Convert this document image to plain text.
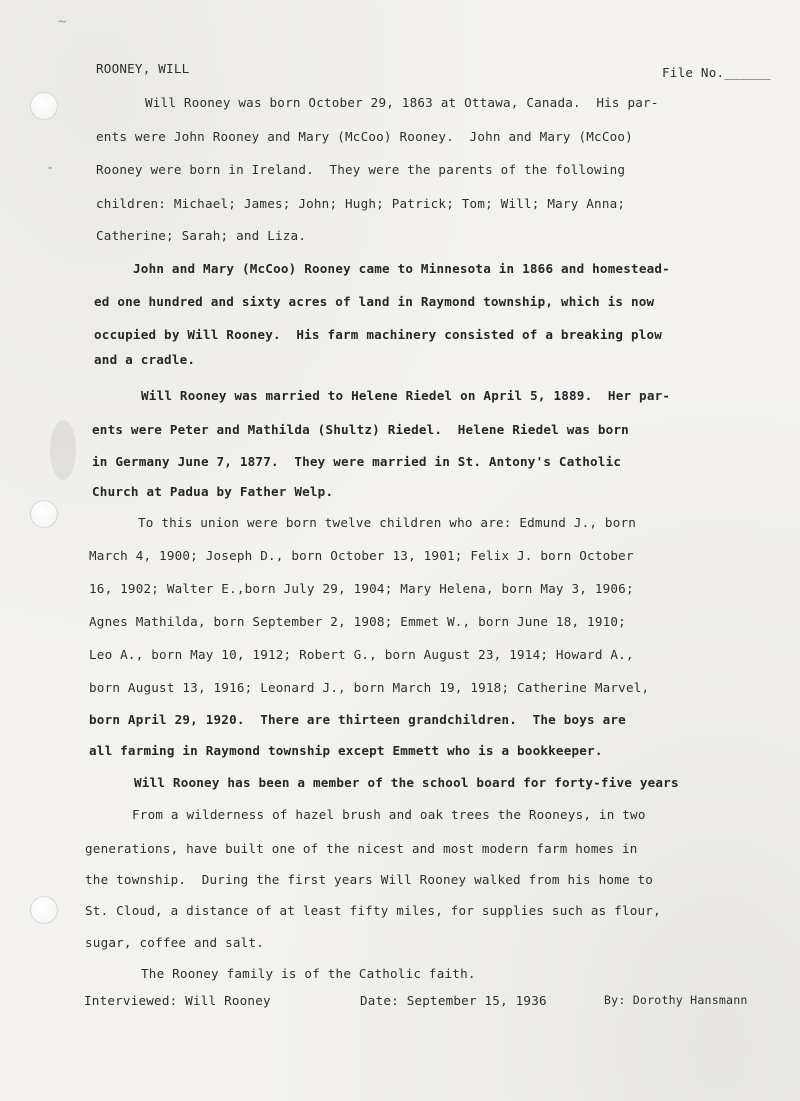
~
-
ROONEY, WILL	File No.______
Will Rooney was born October 29, 1863 at Ottawa, Canada.  His par-
ents were John Rooney and Mary (McCoo) Rooney.  John and Mary (McCoo)
Rooney were born in Ireland.  They were the parents of the following
children: Michael; James; John; Hugh; Patrick; Tom; Will; Mary Anna;
Catherine; Sarah; and Liza.
John and Mary (McCoo) Rooney came to Minnesota in 1866 and homestead-
ed one hundred and sixty acres of land in Raymond township, which is now
occupied by Will Rooney.  His farm machinery consisted of a breaking plow
and a cradle.
Will Rooney was married to Helene Riedel on April 5, 1889.  Her par-
ents were Peter and Mathilda (Shultz) Riedel.  Helene Riedel was born
in Germany June 7, 1877.  They were married in St. Antony's Catholic
Church at Padua by Father Welp.
To this union were born twelve children who are: Edmund J., born
March 4, 1900; Joseph D., born October 13, 1901; Felix J. born October
16, 1902; Walter E.,born July 29, 1904; Mary Helena, born May 3, 1906;
Agnes Mathilda, born September 2, 1908; Emmet W., born June 18, 1910;
Leo A., born May 10, 1912; Robert G., born August 23, 1914; Howard A.,
born August 13, 1916; Leonard J., born March 19, 1918; Catherine Marvel,
born April 29, 1920.  There are thirteen grandchildren.  The boys are
all farming in Raymond township except Emmett who is a bookkeeper.
Will Rooney has been a member of the school board for forty-five years
From a wilderness of hazel brush and oak trees the Rooneys, in two
generations, have built one of the nicest and most modern farm homes in
the township.  During the first years Will Rooney walked from his home to
St. Cloud, a distance of at least fifty miles, for supplies such as flour,
sugar, coffee and salt.
The Rooney family is of the Catholic faith.
Interviewed: Will Rooney	Date: September 15, 1936	By: Dorothy Hansmann
